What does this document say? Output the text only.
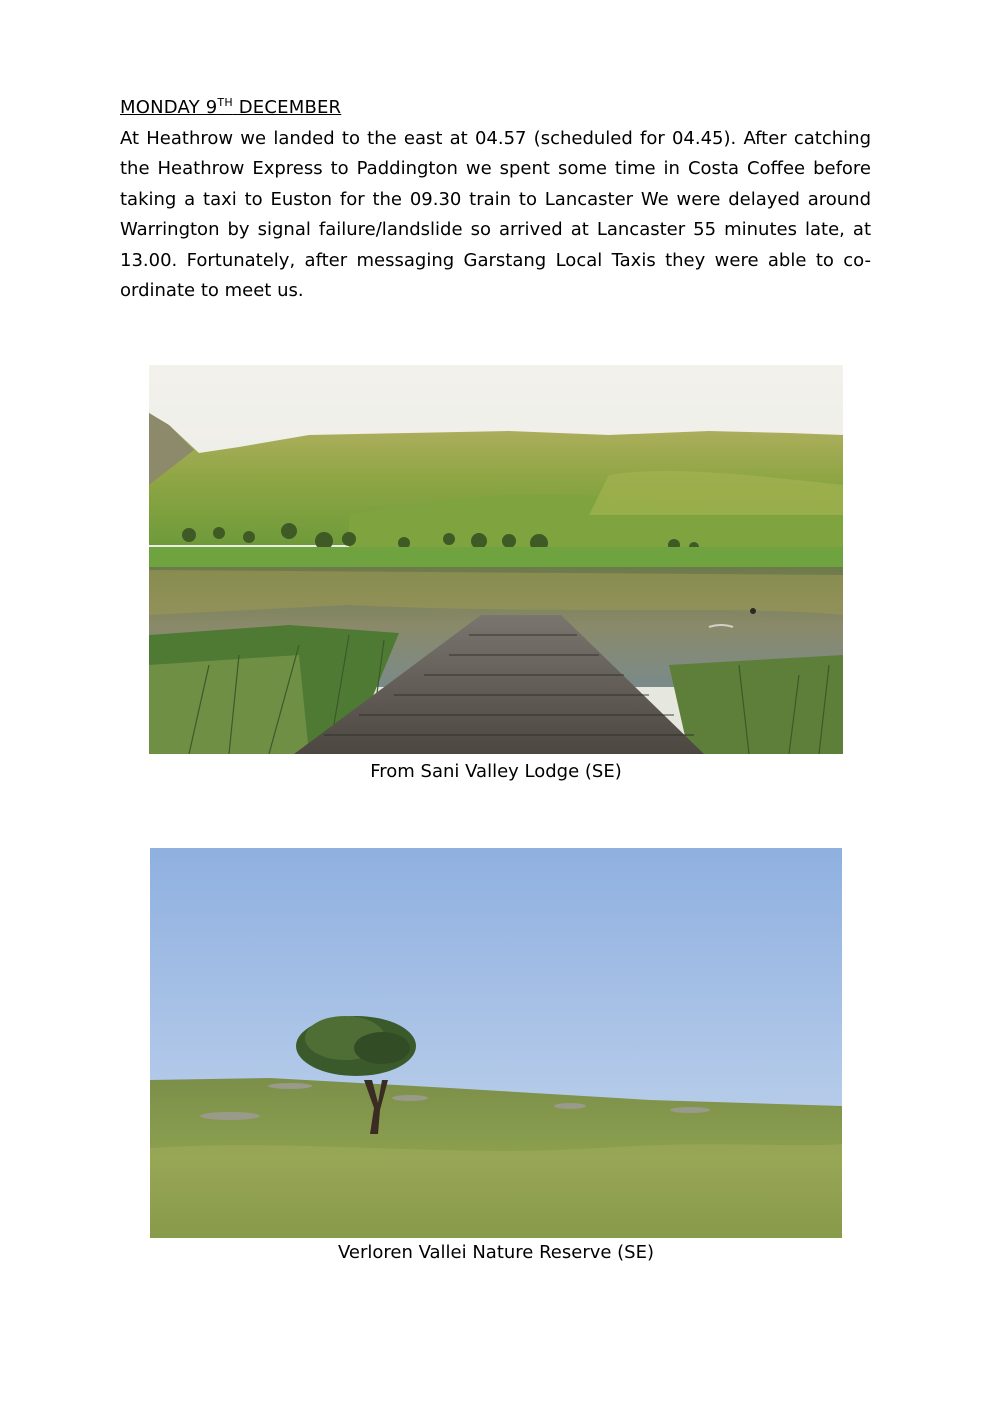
MONDAY 9TH DECEMBER

At Heathrow we landed to the east at 04.57 (scheduled for 04.45). After catching the Heathrow Express to Paddington we spent some time in Costa Coffee before taking a taxi to Euston for the 09.30 train to Lancaster We were delayed around Warrington by signal failure/landslide so arrived at Lancaster 55 minutes late, at 13.00. Fortunately, after messaging Garstang Local Taxis they were able to co-ordinate to meet us.

From Sani Valley Lodge (SE)
Verloren Vallei Nature Reserve (SE)
